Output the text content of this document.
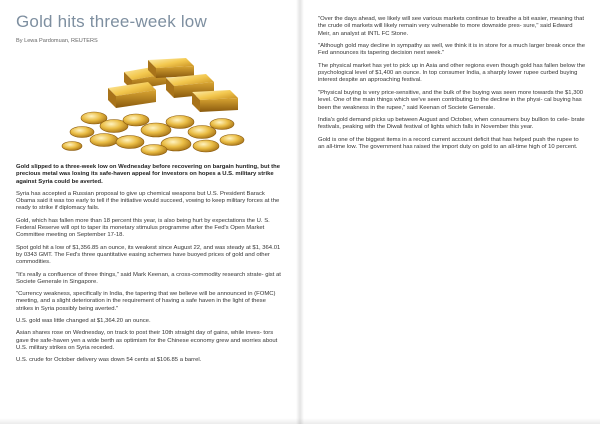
Gold hits three-week low
By Lewa Pardomuan, REUTERS

Gold slipped to a three-week low on Wednesday before recovering on bargain hunting, but the precious metal was losing its safe-haven appeal for investors on hopes a U.S. military strike against Syria could be averted.

Syria has accepted a Russian proposal to give up chemical weapons but U.S. President Barack Obama said it was too early to tell if the initiative would succeed, vowing to keep military forces at the ready to strike if diplomacy fails.

Gold, which has fallen more than 18 percent this year, is also being hurt by expectations the U. S. Federal Reserve will opt to taper its monetary stimulus programme after the Fed's Open Market Committee meeting on September 17-18.

Spot gold hit a low of $1,356.85 an ounce, its weakest since August 22, and was steady at $1, 364.01 by 0343 GMT. The Fed's three quantitative easing schemes have buoyed prices of gold and other commodities.

"It's really a confluence of three things," said Mark Keenan, a cross-commodity research strate- gist at Societe Generale in Singapore.

"Currency weakness, specifically in India, the tapering that we believe will be announced in (FOMC) meeting, and a slight deterioration in the requirement of having a safe haven in the light of these strikes in Syria possibly being averted."

U.S. gold was little changed at $1,364.20 an ounce.

Asian shares rose on Wednesday, on track to post their 10th straight day of gains, while inves- tors gave the safe-haven yen a wide berth as optimism for the Chinese economy grew and worries about U.S. military strikes on Syria receded.

U.S. crude for October delivery was down 54 cents at $106.85 a barrel.

"Over the days ahead, we likely will see various markets continue to breathe a bit easier, meaning that the crude oil markets will likely remain very vulnerable to more downside pres- sure," said Edward Meir, an analyst at INTL FC Stone.

"Although gold may decline in sympathy as well, we think it is in store for a much larger break once the Fed announces its tapering decision next week."

The physical market has yet to pick up in Asia and other regions even though gold has fallen below the psychological level of $1,400 an ounce. In top consumer India, a sharply lower rupee curbed buying interest despite an approaching festival.

"Physical buying is very price-sensitive, and the bulk of the buying was seen more towards the $1,300 level. One of the main things which we've seen contributing to the decline in the physi- cal buying has been the weakness in the rupee," said Keenan of Societe Generale.

India's gold demand picks up between August and October, when consumers buy bullion to cele- brate festivals, peaking with the Diwali festival of lights which falls in November this year.

Gold is one of the biggest items in a record current account deficit that has helped push the rupee to an all-time low. The government has raised the import duty on gold to an all-time high of 10 percent.
